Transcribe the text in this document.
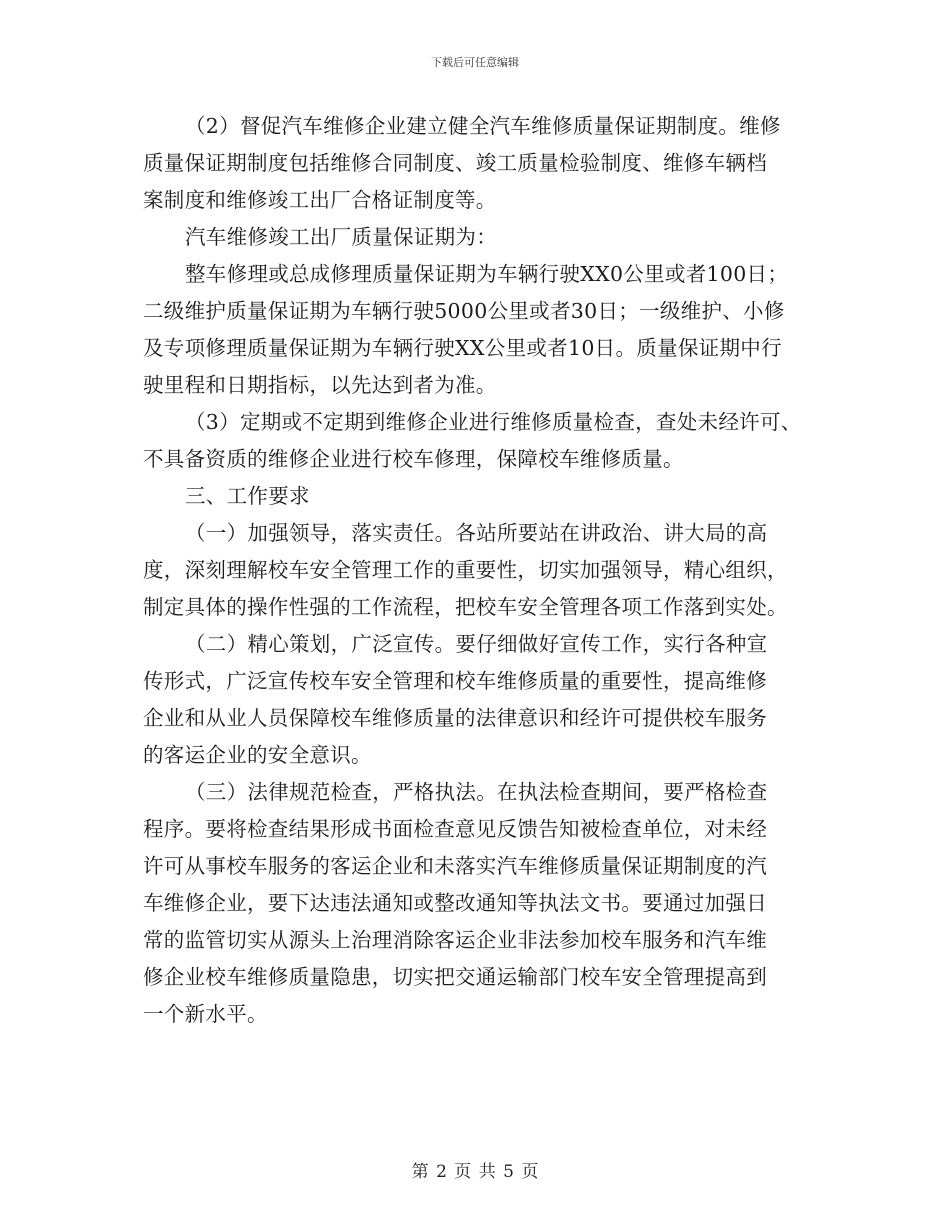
下载后可任意编辑
（2）督促汽车维修企业建立健全汽车维修质量保证期制度。维修
质量保证期制度包括维修合同制度、竣工质量检验制度、维修车辆档
案制度和维修竣工出厂合格证制度等。
汽车维修竣工出厂质量保证期为：
整车修理或总成修理质量保证期为车辆行驶XX0公里或者100日；
二级维护质量保证期为车辆行驶5000公里或者30日；一级维护、小修
及专项修理质量保证期为车辆行驶XX公里或者10日。质量保证期中行
驶里程和日期指标，以先达到者为准。
（3）定期或不定期到维修企业进行维修质量检查，查处未经许可、
不具备资质的维修企业进行校车修理，保障校车维修质量。
三、工作要求
（一）加强领导，落实责任。各站所要站在讲政治、讲大局的高
度，深刻理解校车安全管理工作的重要性，切实加强领导，精心组织，
制定具体的操作性强的工作流程，把校车安全管理各项工作落到实处。
（二）精心策划，广泛宣传。要仔细做好宣传工作，实行各种宣
传形式，广泛宣传校车安全管理和校车维修质量的重要性，提高维修
企业和从业人员保障校车维修质量的法律意识和经许可提供校车服务
的客运企业的安全意识。
（三）法律规范检查，严格执法。在执法检查期间，要严格检查
程序。要将检查结果形成书面检查意见反馈告知被检查单位，对未经
许可从事校车服务的客运企业和未落实汽车维修质量保证期制度的汽
车维修企业，要下达违法通知或整改通知等执法文书。要通过加强日
常的监管切实从源头上治理消除客运企业非法参加校车服务和汽车维
修企业校车维修质量隐患，切实把交通运输部门校车安全管理提高到
一个新水平。
第 2 页 共 5 页
